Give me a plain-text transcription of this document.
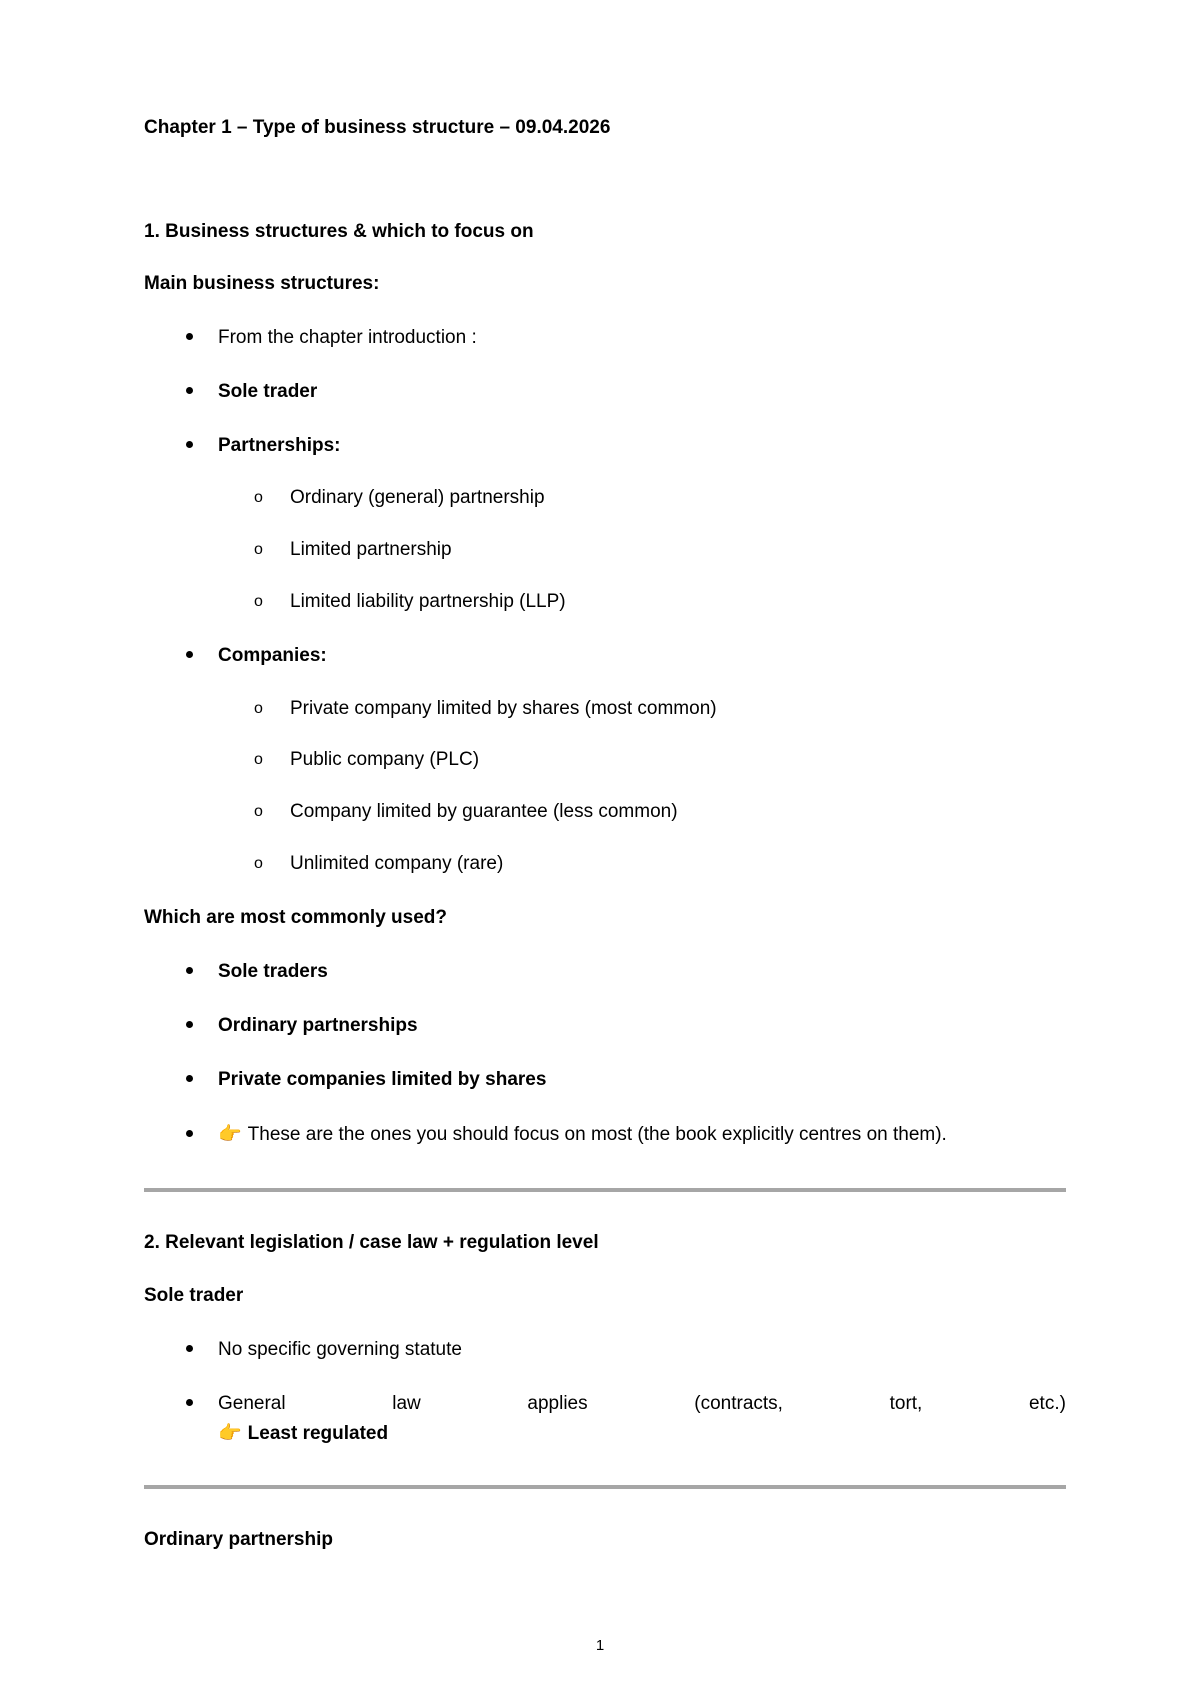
Chapter 1 – Type of business structure – 09.04.2026
1. Business structures & which to focus on
Main business structures:
From the chapter introduction :
Sole trader
Partnerships:
o Ordinary (general) partnership
o Limited partnership
o Limited liability partnership (LLP)
Companies:
o Private company limited by shares (most common)
o Public company (PLC)
o Company limited by guarantee (less common)
o Unlimited company (rare)
Which are most commonly used?
Sole traders
Ordinary partnerships
Private companies limited by shares
👉 These are the ones you should focus on most (the book explicitly centres on them).
2. Relevant legislation / case law + regulation level
Sole trader
No specific governing statute
General	law	applies	(contracts,	tort,	etc.)
👉 Least regulated
Ordinary partnership
1
